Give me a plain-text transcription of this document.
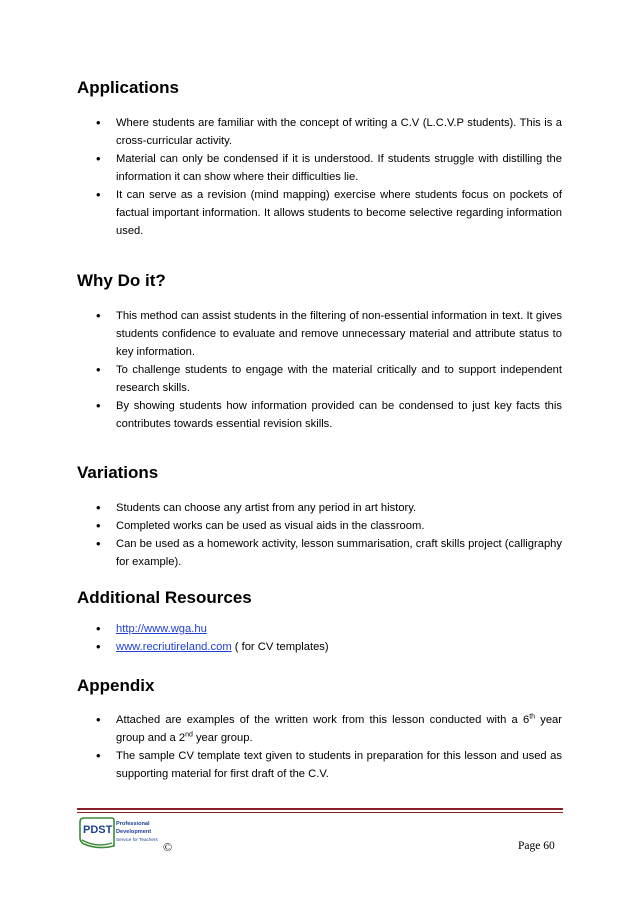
Applications
• Where students are familiar with the concept of writing a C.V (L.C.V.P students). This is a cross-curricular activity.
• Material can only be condensed if it is understood. If students struggle with distilling the information it can show where their difficulties lie.
• It can serve as a revision (mind mapping) exercise where students focus on pockets of factual important information. It allows students to become selective regarding information used.
Why Do it?
• This method can assist students in the filtering of non-essential information in text. It gives students confidence to evaluate and remove unnecessary material and attribute status to key information.
• To challenge students to engage with the material critically and to support independent research skills.
• By showing students how information provided can be condensed to just key facts this contributes towards essential revision skills.
Variations
• Students can choose any artist from any period in art history.
• Completed works can be used as visual aids in the classroom.
• Can be used as a homework activity, lesson summarisation, craft skills project (calligraphy for example).
Additional Resources
• http://www.wga.hu
• www.recriutireland.com ( for CV templates)
Appendix
• Attached are examples of the written work from this lesson conducted with a 6th year group and a 2nd year group.
• The sample CV template text given to students in preparation for this lesson and used as supporting material for first draft of the C.V.
PDST Professional
Development
Service for Teachers
©	Page 60
